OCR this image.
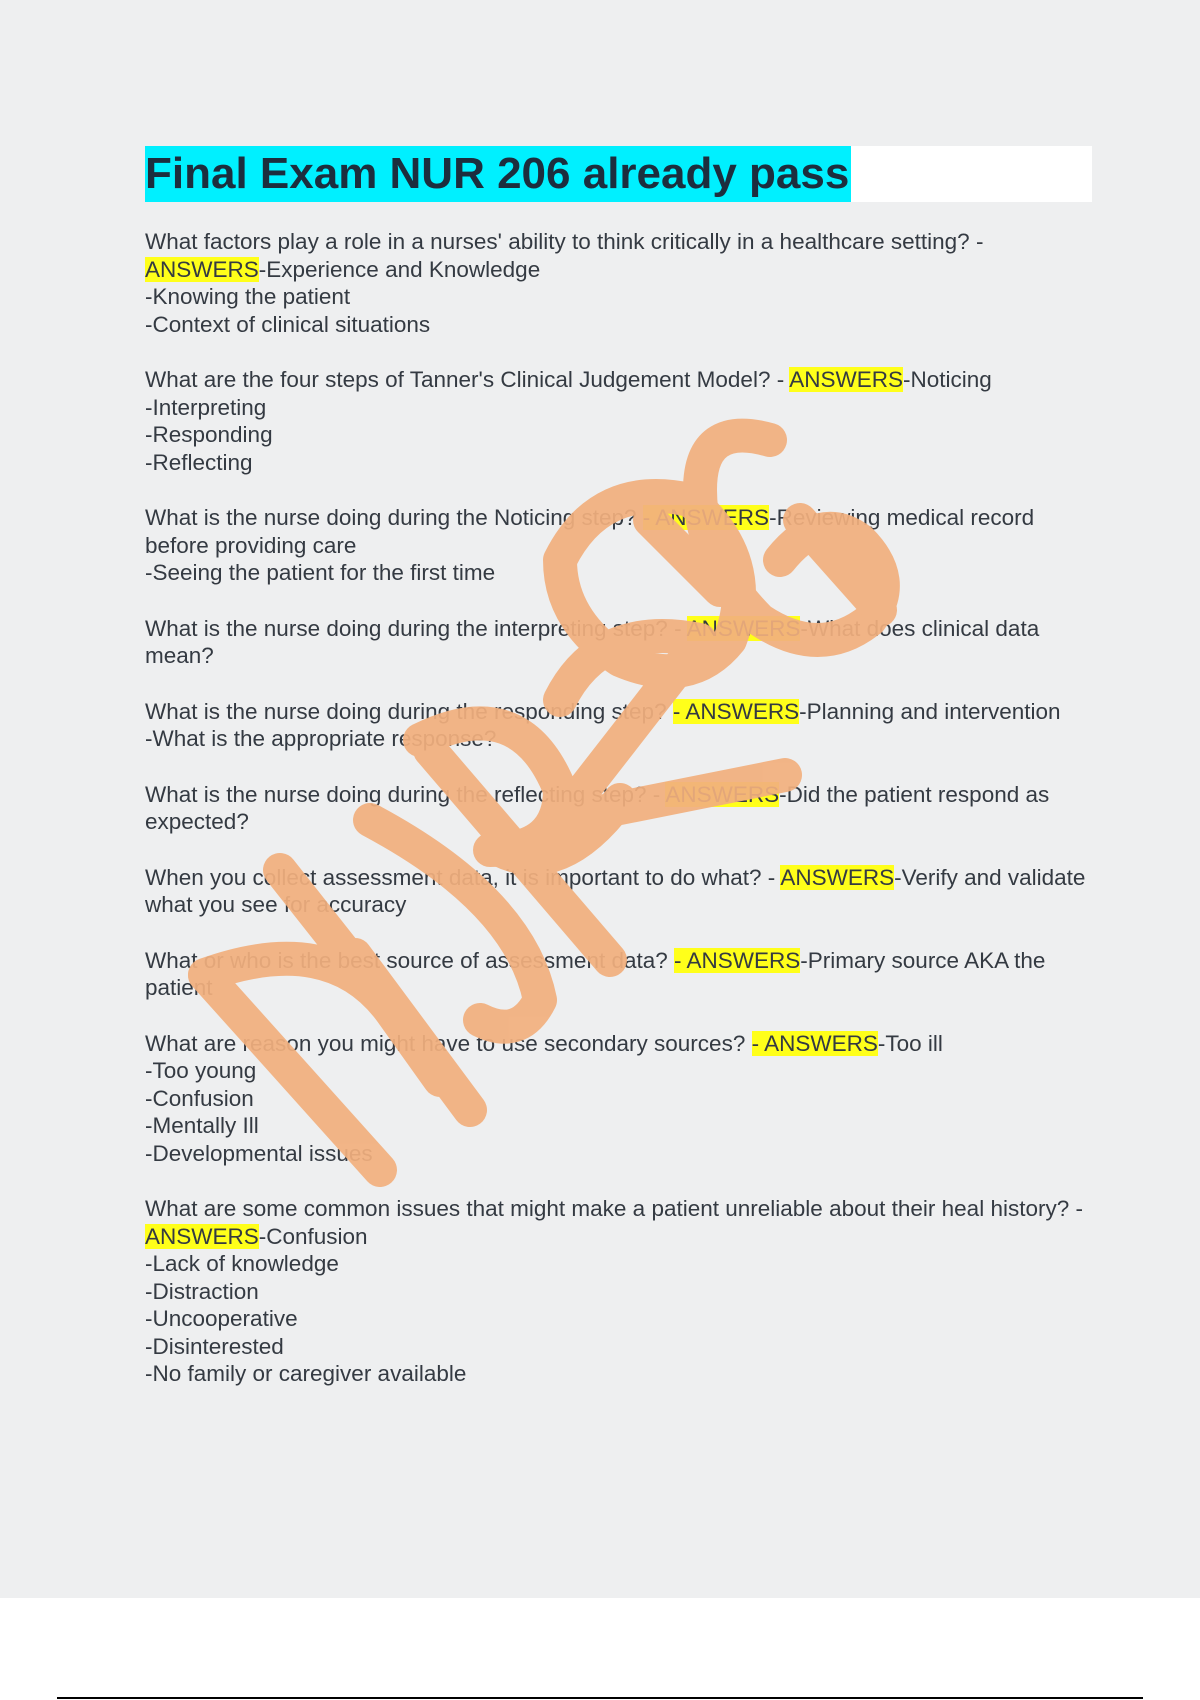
Final Exam NUR 206 already pass
What factors play a role in a nurses' ability to think critically in a healthcare setting? -
ANSWERS-Experience and Knowledge
-Knowing the patient
-Context of clinical situations
What are the four steps of Tanner's Clinical Judgement Model? - ANSWERS-Noticing
-Interpreting
-Responding
-Reflecting
What is the nurse doing during the Noticing step? - ANSWERS-Reviewing medical record before providing care
-Seeing the patient for the first time
What is the nurse doing during the interpreting step? - ANSWERS-What does clinical data mean?
What is the nurse doing during the responding step? - ANSWERS-Planning and intervention
-What is the appropriate response?
What is the nurse doing during the reflecting step? - ANSWERS-Did the patient respond as expected?
When you collect assessment data, it is important to do what? - ANSWERS-Verify and validate what you see for accuracy
What or who is the best source of assessment data? - ANSWERS-Primary source AKA the patient
What are reason you might have to use secondary sources? - ANSWERS-Too ill
-Too young
-Confusion
-Mentally Ill
-Developmental issues
What are some common issues that might make a patient unreliable about their heal history? - ANSWERS-Confusion
-Lack of knowledge
-Distraction
-Uncooperative
-Disinterested
-No family or caregiver available
